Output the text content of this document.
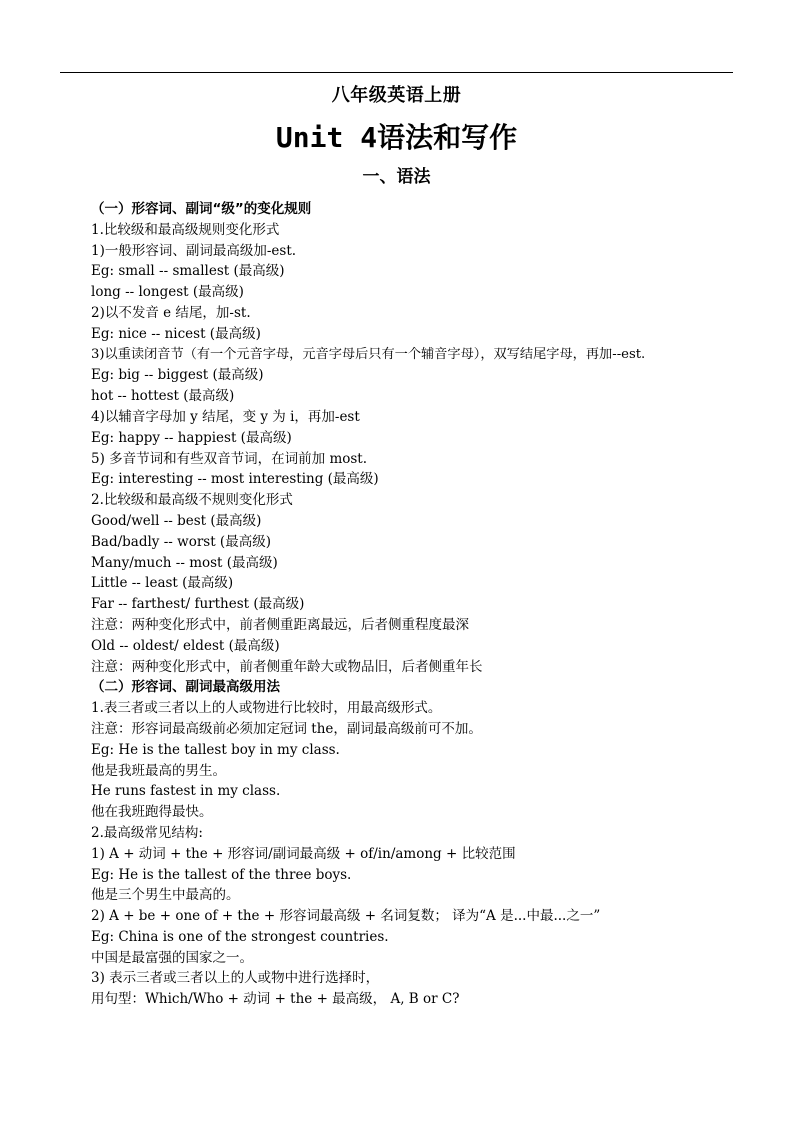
八年级英语上册
Unit 4语法和写作
一、语法
（一）形容词、副词“级”的变化规则
1.比较级和最高级规则变化形式
1)一般形容词、副词最高级加-est.
Eg: small -- smallest (最高级)
long -- longest (最高级)
2)以不发音 e 结尾，加-st.
Eg: nice -- nicest (最高级)
3)以重读闭音节（有一个元音字母，元音字母后只有一个辅音字母），双写结尾字母，再加--est.
Eg: big -- biggest (最高级)
hot -- hottest (最高级)
4)以辅音字母加 y 结尾，变 y 为 i，再加-est
Eg: happy -- happiest (最高级)
5) 多音节词和有些双音节词，在词前加 most.
Eg: interesting -- most interesting (最高级)
2.比较级和最高级不规则变化形式
Good/well -- best (最高级)
Bad/badly -- worst (最高级)
Many/much -- most (最高级)
Little -- least (最高级)
Far -- farthest/ furthest (最高级)
注意：两种变化形式中，前者侧重距离最远，后者侧重程度最深
Old -- oldest/ eldest (最高级)
注意：两种变化形式中，前者侧重年龄大或物品旧，后者侧重年长
（二）形容词、副词最高级用法
1.表三者或三者以上的人或物进行比较时，用最高级形式。
注意：形容词最高级前必须加定冠词 the，副词最高级前可不加。
Eg: He is the tallest boy in my class.
他是我班最高的男生。
He runs fastest in my class.
他在我班跑得最快。
2.最高级常见结构:
1) A + 动词 + the + 形容词/副词最高级 + of/in/among + 比较范围
Eg: He is the tallest of the three boys.
他是三个男生中最高的。
2) A + be + one of + the + 形容词最高级 + 名词复数； 译为“A 是...中最...之一”
Eg: China is one of the strongest countries.
中国是最富强的国家之一。
3) 表示三者或三者以上的人或物中进行选择时，
用句型：Which/Who + 动词 + the + 最高级， A, B or C?
